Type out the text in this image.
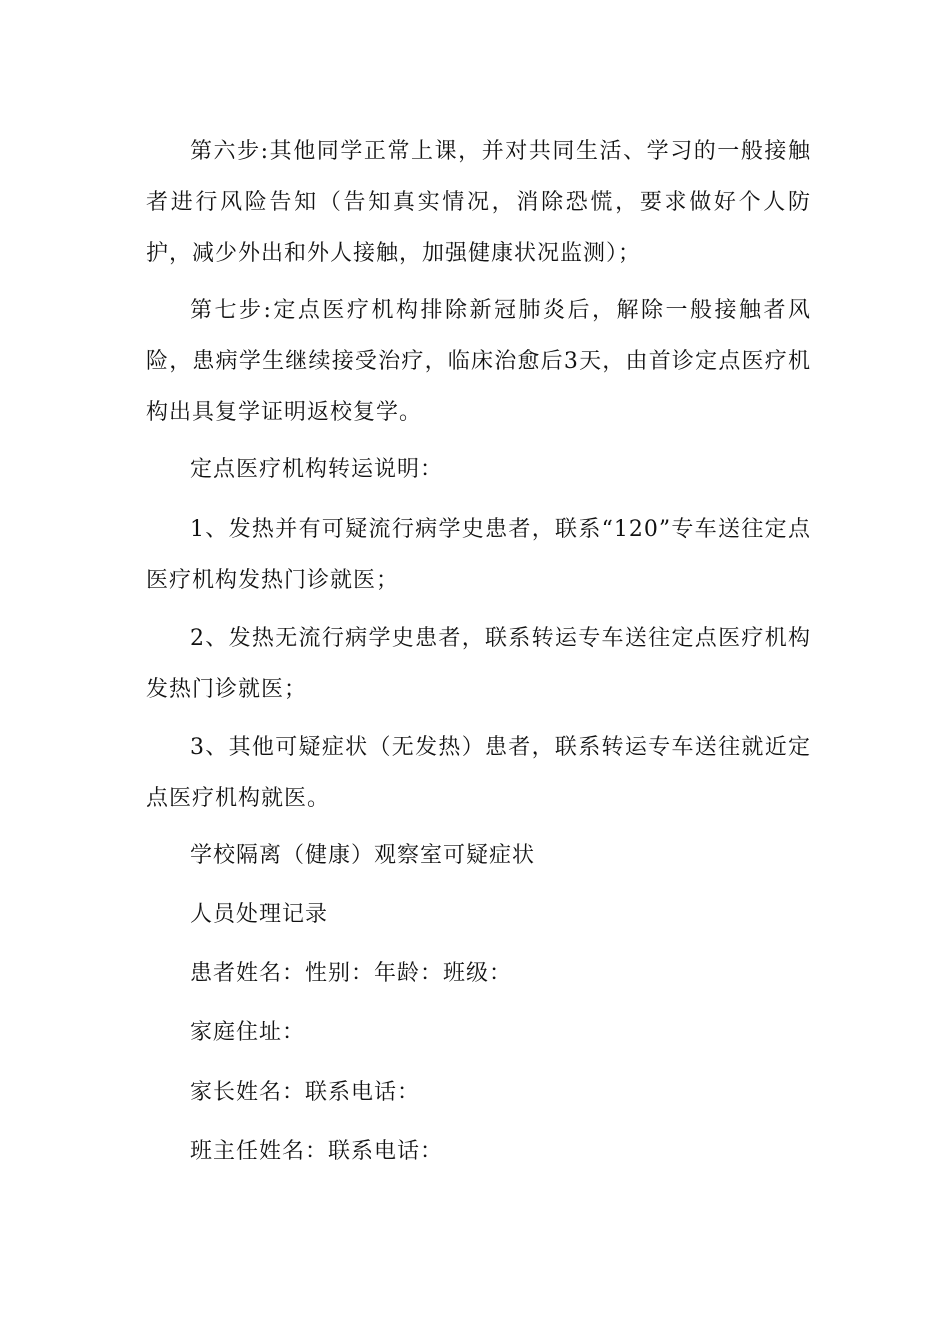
第六步:其他同学正常上课，并对共同生活、学习的一般接触者进行风险告知（告知真实情况，消除恐慌，要求做好个人防护，减少外出和外人接触，加强健康状况监测）；

第七步:定点医疗机构排除新冠肺炎后，解除一般接触者风险，患病学生继续接受治疗，临床治愈后3天，由首诊定点医疗机构出具复学证明返校复学。

定点医疗机构转运说明：

1、发热并有可疑流行病学史患者，联系“120”专车送往定点医疗机构发热门诊就医；

2、发热无流行病学史患者，联系转运专车送往定点医疗机构发热门诊就医；

3、其他可疑症状（无发热）患者，联系转运专车送往就近定点医疗机构就医。

学校隔离（健康）观察室可疑症状

人员处理记录

患者姓名：性别：年龄：班级：

家庭住址：

家长姓名：联系电话：

班主任姓名：联系电话：
